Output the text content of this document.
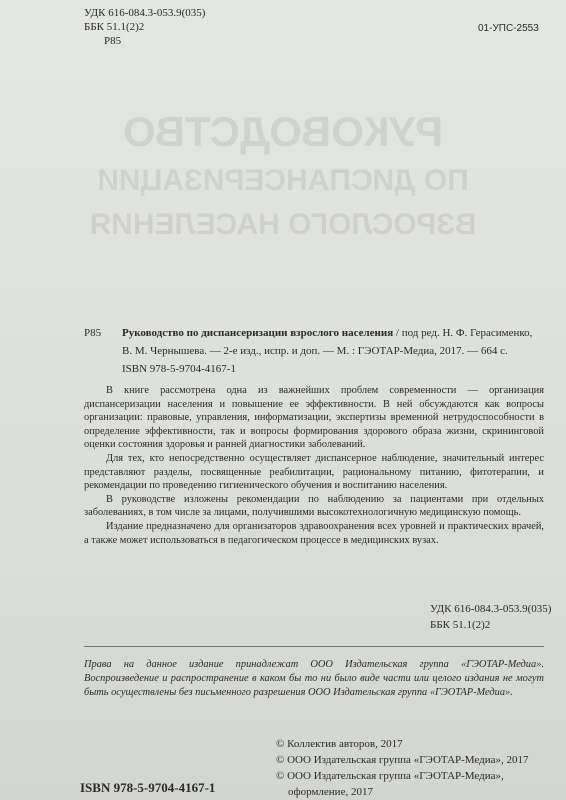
УДК 616-084.3-053.9(035)
ББК 51.1(2)2
Р85
01-УПС-2553
РУКОВОДСТВО
ПО ДИСПАНСЕРИЗАЦИИ
ВЗРОСЛОГО НАСЕЛЕНИЯ
Р85 Руководство по диспансеризации взрослого населения / под ред. Н. Ф. Герасименко,
В. М. Чернышева. — 2-е изд., испр. и доп. — М. : ГЭОТАР-Медиа, 2017. — 664 с.
ISBN 978-5-9704-4167-1

В книге рассмотрена одна из важнейших проблем современности — организация диспансеризации населения и повышение ее эффективности. В ней обсуждаются как вопросы организации: правовые, управления, информатизации, экспертизы временной нетрудоспособности в определение эффективности, так и вопросы формирования здорового образа жизни, скрининговой оценки состояния здоровья и ранней диагностики заболеваний.

Для тех, кто непосредственно осуществляет диспансерное наблюдение, значительный интерес представляют разделы, посвященные реабилитации, рациональному питанию, фитотерапии, и рекомендации по проведению гигиенического обучения и воспитанию населения.

В руководстве изложены рекомендации по наблюдению за пациентами при отдельных заболеваниях, в том числе за лицами, получившими высокотехнологичную медицинскую помощь.

Издание предназначено для организаторов здравоохранения всех уровней и практических врачей, а также может использоваться в педагогическом процессе в медицинских вузах.

УДК 616-084.3-053.9(035)
ББК 51.1(2)2
Права на данное издание принадлежат ООО Издательская группа «ГЭОТАР-Медиа». Воспроизведение и распространение в каком бы то ни было виде части или целого издания не могут быть осуществлены без письменного разрешения ООО Издательская группа «ГЭОТАР-Медиа».
© Коллектив авторов, 2017
© ООО Издательская группа «ГЭОТАР-Медиа», 2017
© ООО Издательская группа «ГЭОТАР-Медиа»,
оформление, 2017
ISBN 978-5-9704-4167-1
